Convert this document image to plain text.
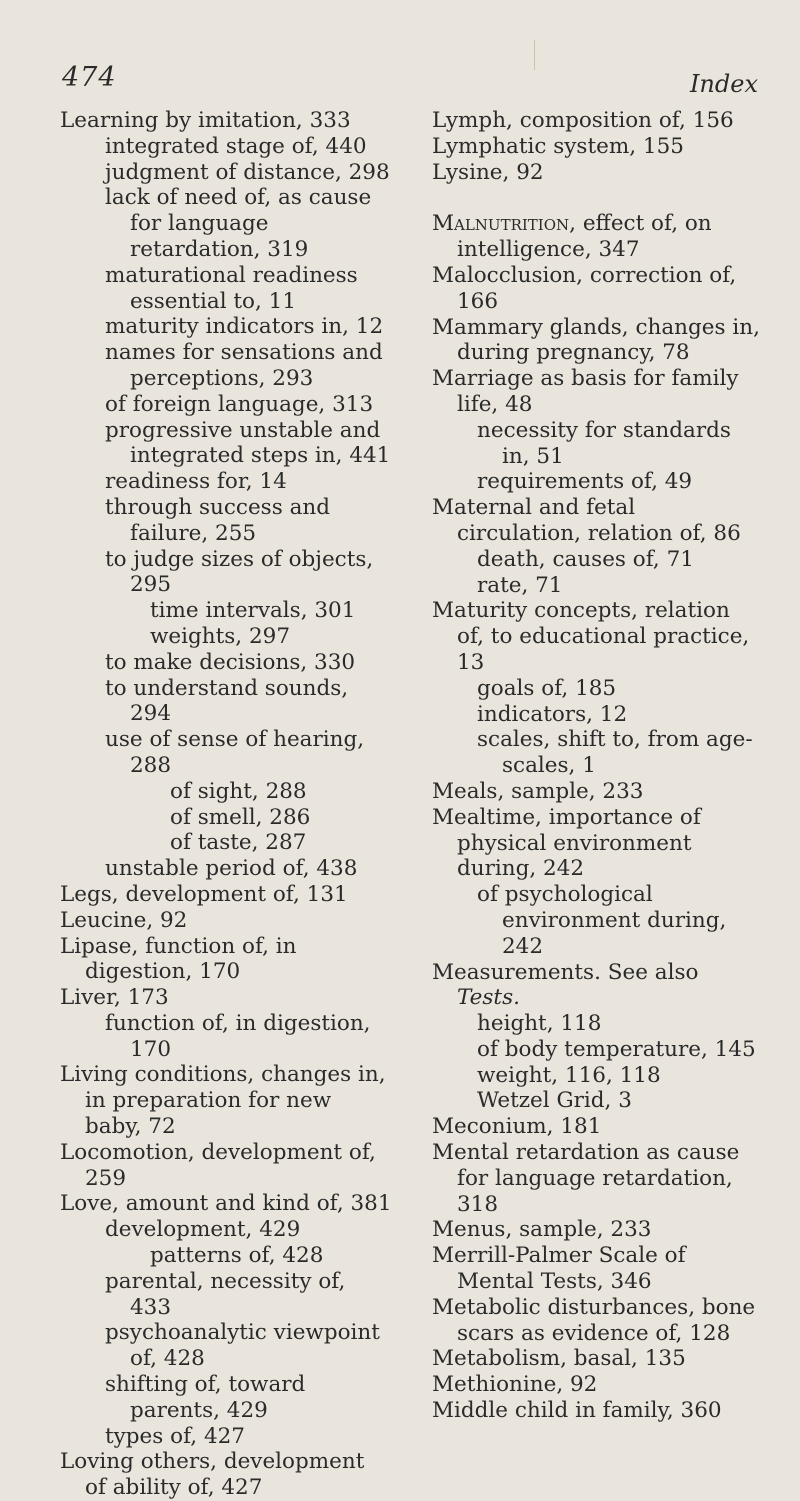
474	Index

Learning by imitation, 333

integrated stage of, 440

judgment of distance, 298

lack of need of, as cause for language retardation, 319

maturational readiness essential to, 11

maturity indicators in, 12

names for sensations and perceptions, 293

of foreign language, 313

progressive unstable and integrated steps in, 441

readiness for, 14

through success and failure, 255

to judge sizes of objects, 295

time intervals, 301

weights, 297

to make decisions, 330

to understand sounds, 294

use of sense of hearing, 288

of sight, 288

of smell, 286

of taste, 287

unstable period of, 438

Legs, development of, 131

Leucine, 92

Lipase, function of, in digestion, 170

Liver, 173

function of, in digestion, 170

Living conditions, changes in, in preparation for new baby, 72

Locomotion, development of, 259

Love, amount and kind of, 381

development, 429

patterns of, 428

parental, necessity of, 433

psychoanalytic viewpoint of, 428

shifting of, toward parents, 429

types of, 427

Loving others, development of ability of, 427

Lymph, composition of, 156

Lymphatic system, 155

Lysine, 92

Malnutrition, effect of, on intelligence, 347

Malocclusion, correction of, 166

Mammary glands, changes in, during pregnancy, 78

Marriage as basis for family life, 48

necessity for standards in, 51

requirements of, 49

Maternal and fetal circulation, relation of, 86

death, causes of, 71

rate, 71

Maturity concepts, relation of, to educational practice, 13

goals of, 185

indicators, 12

scales, shift to, from age-scales, 1

Meals, sample, 233

Mealtime, importance of physical environment during, 242

of psychological environment during, 242

Measurements. See also Tests.

height, 118

of body temperature, 145

weight, 116, 118

Wetzel Grid, 3

Meconium, 181

Mental retardation as cause for language retardation, 318

Menus, sample, 233

Merrill-Palmer Scale of Mental Tests, 346

Metabolic disturbances, bone scars as evidence of, 128

Metabolism, basal, 135

Methionine, 92

Middle child in family, 360
